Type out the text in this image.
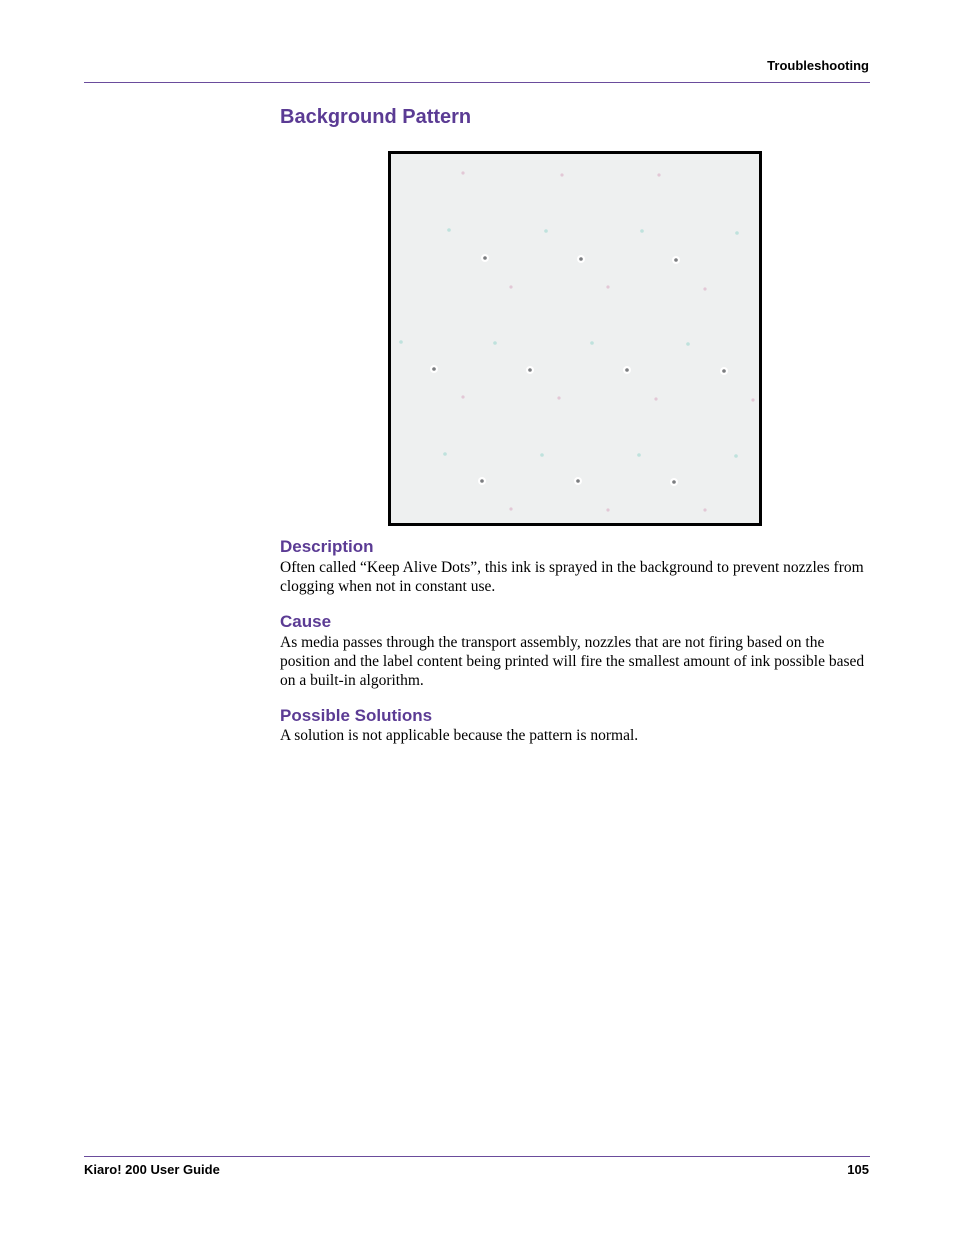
Troubleshooting
Background Pattern
Description

Often called “Keep Alive Dots”, this ink is sprayed in the background to prevent nozzles from clogging when not in constant use.

Cause

As media passes through the transport assembly, nozzles that are not firing based on the position and the label content being printed will fire the smallest amount of ink possible based on a built-in algorithm.

Possible Solutions

A solution is not applicable because the pattern is normal.

Kiaro! 200 User Guide	105
